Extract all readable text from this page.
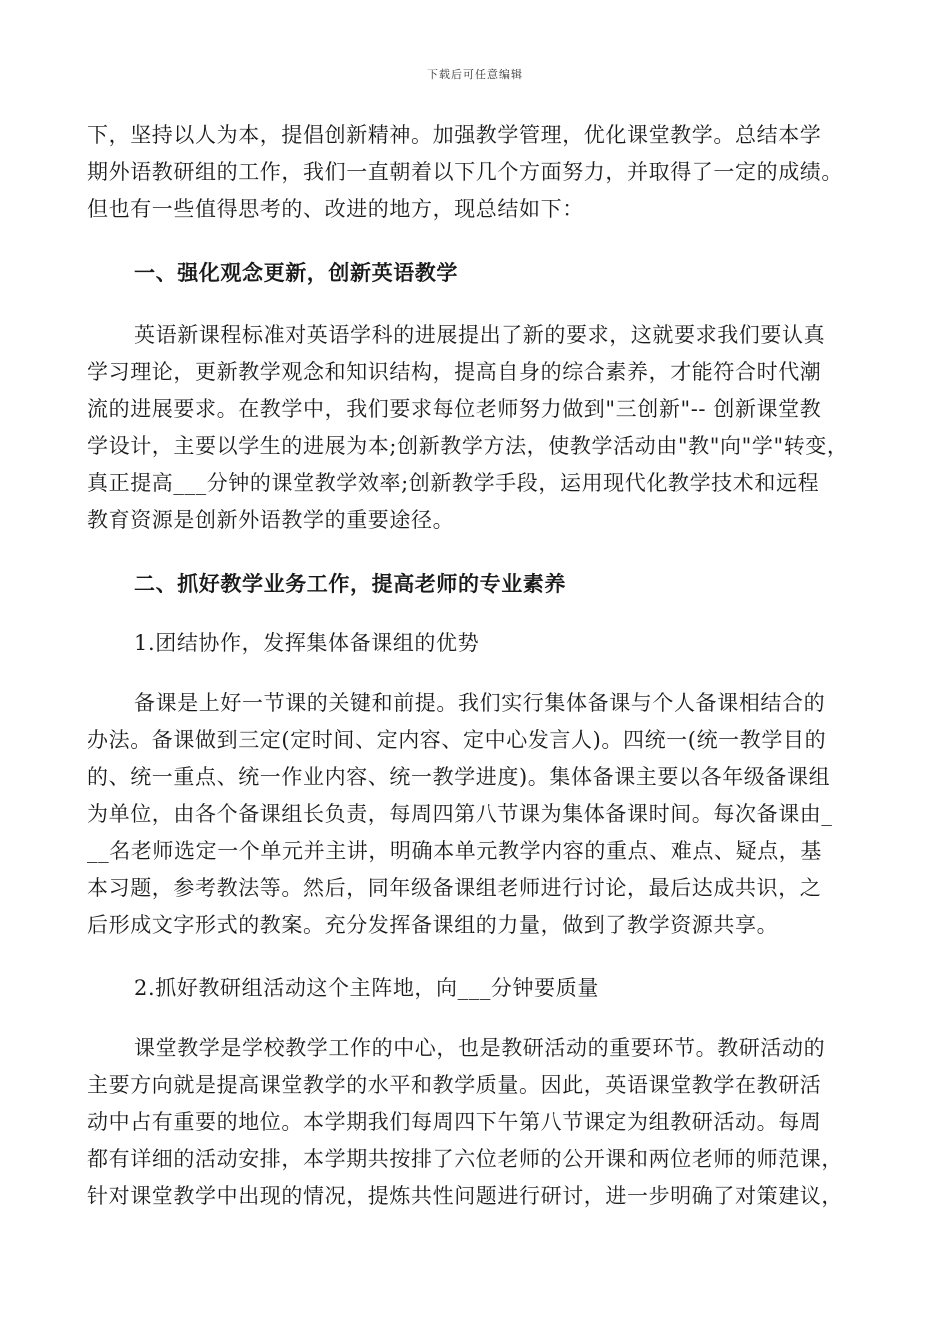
下载后可任意编辑
下，坚持以人为本，提倡创新精神。加强教学管理，优化课堂教学。总结本学
期外语教研组的工作，我们一直朝着以下几个方面努力，并取得了一定的成绩。
但也有一些值得思考的、改进的地方，现总结如下：
一、强化观念更新，创新英语教学
英语新课程标准对英语学科的进展提出了新的要求，这就要求我们要认真
学习理论，更新教学观念和知识结构，提高自身的综合素养，才能符合时代潮
流的进展要求。在教学中，我们要求每位老师努力做到"三创新"-- 创新课堂教
学设计，主要以学生的进展为本;创新教学方法，使教学活动由"教"向"学"转变，
真正提高___分钟的课堂教学效率;创新教学手段，运用现代化教学技术和远程
教育资源是创新外语教学的重要途径。
二、抓好教学业务工作，提高老师的专业素养
1.团结协作，发挥集体备课组的优势
备课是上好一节课的关键和前提。我们实行集体备课与个人备课相结合的
办法。备课做到三定(定时间、定内容、定中心发言人)。四统一(统一教学目的
的、统一重点、统一作业内容、统一教学进度)。集体备课主要以各年级备课组
为单位，由各个备课组长负责，每周四第八节课为集体备课时间。每次备课由_
__名老师选定一个单元并主讲，明确本单元教学内容的重点、难点、疑点，基
本习题，参考教法等。然后，同年级备课组老师进行讨论，最后达成共识，之
后形成文字形式的教案。充分发挥备课组的力量，做到了教学资源共享。
2.抓好教研组活动这个主阵地，向___分钟要质量
课堂教学是学校教学工作的中心，也是教研活动的重要环节。教研活动的
主要方向就是提高课堂教学的水平和教学质量。因此，英语课堂教学在教研活
动中占有重要的地位。本学期我们每周四下午第八节课定为组教研活动。每周
都有详细的活动安排，本学期共按排了六位老师的公开课和两位老师的师范课，
针对课堂教学中出现的情况，提炼共性问题进行研讨，进一步明确了对策建议，
